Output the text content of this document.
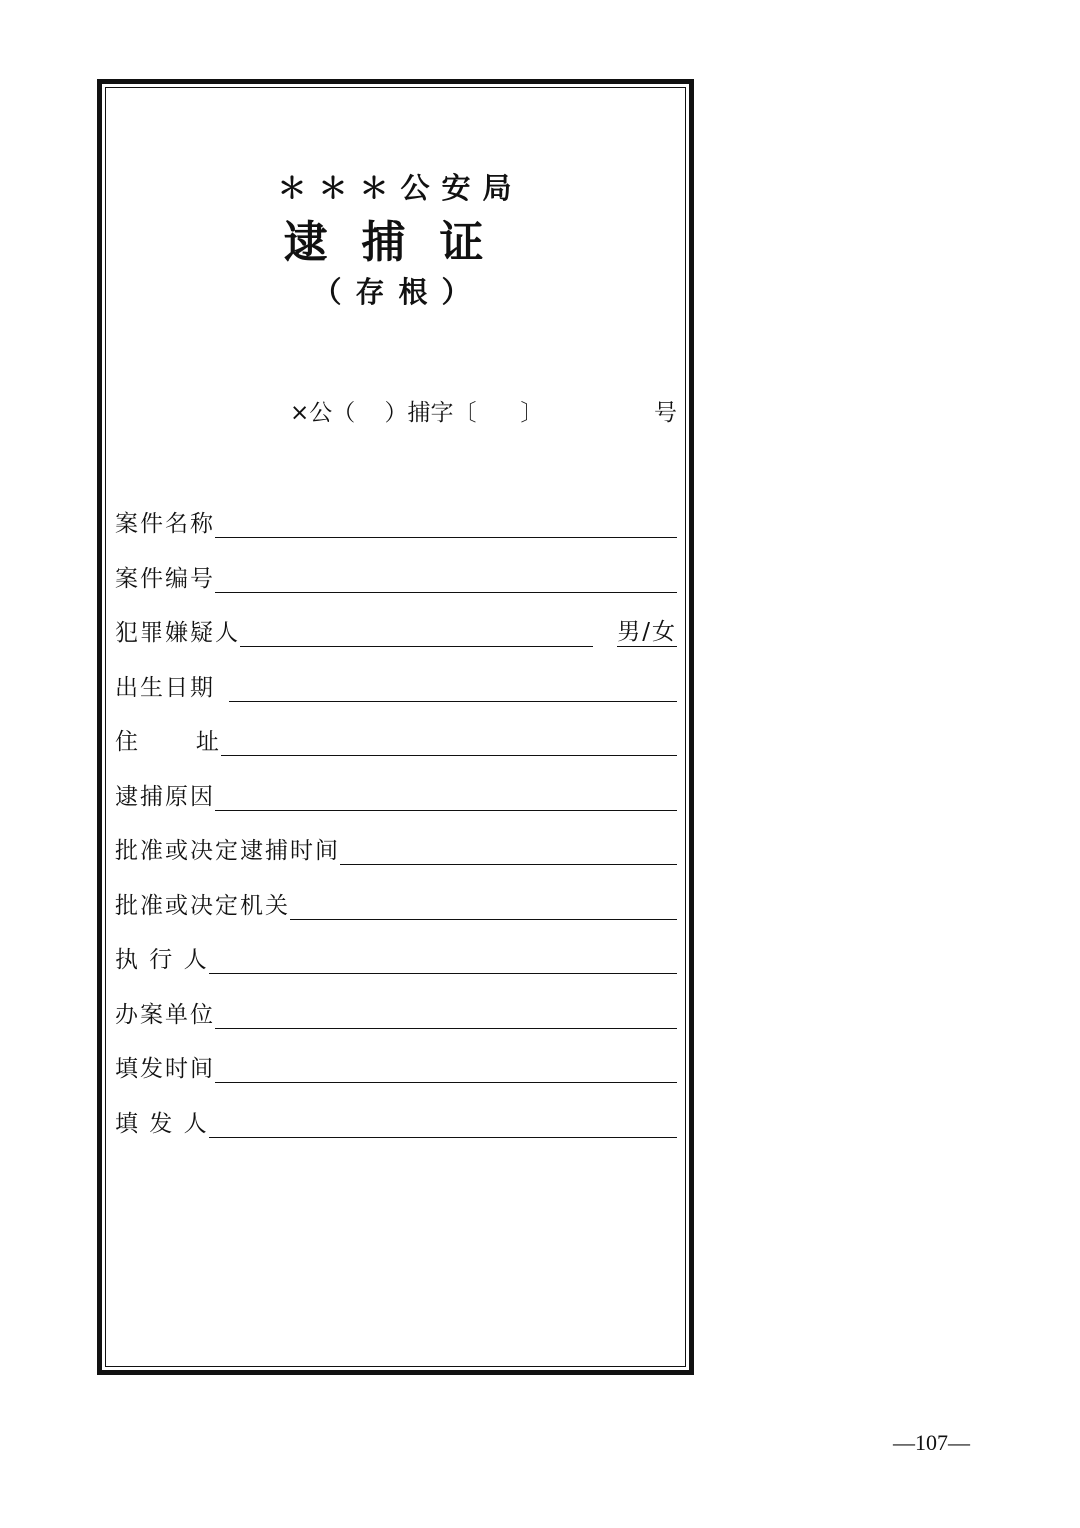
＊＊＊公安局
逮捕证
（存根）
×公（    ）捕字〔      〕	号
案件名称
案件编号
犯罪嫌疑人	男/女
出生日期
住      址
逮捕原因
批准或决定逮捕时间
批准或决定机关
执 行 人
办案单位
填发时间
填 发 人
—107—
